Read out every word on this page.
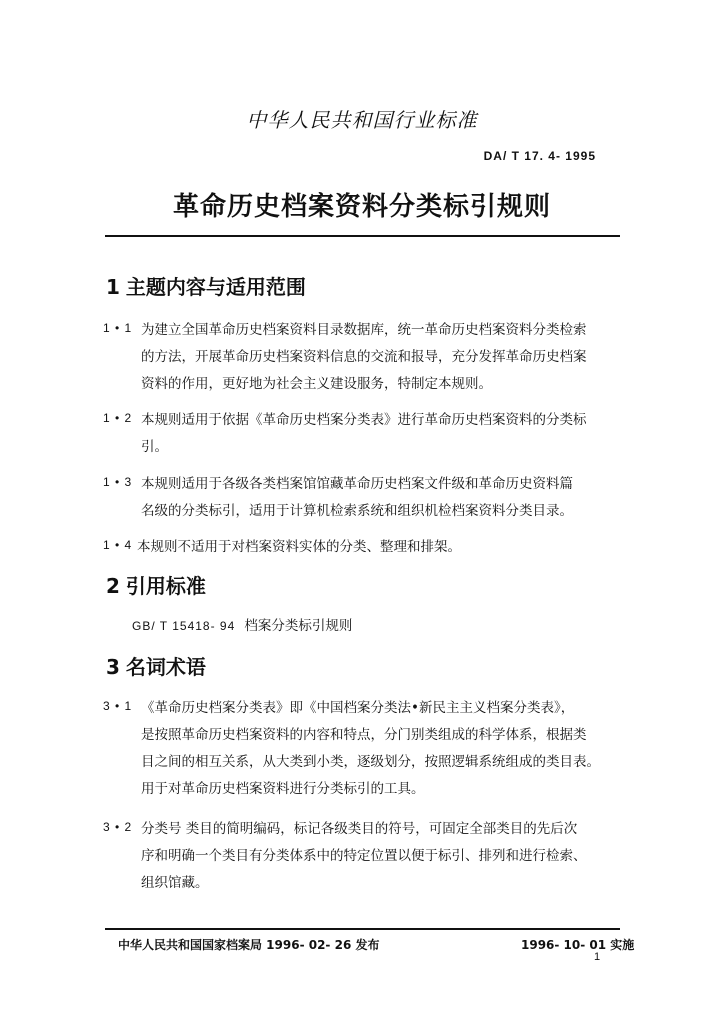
中华人民共和国行业标准
DA/ T 17. 4- 1995
革命历史档案资料分类标引规则
1 主题内容与适用范围
1 • 1 为建立全国革命历史档案资料目录数据库，统一革命历史档案资料分类检索
的方法，开展革命历史档案资料信息的交流和报导，充分发挥革命历史档案
资料的作用，更好地为社会主义建设服务，特制定本规则。
1 • 2 本规则适用于依据《革命历史档案分类表》进行革命历史档案资料的分类标
引。
1 • 3 本规则适用于各级各类档案馆馆藏革命历史档案文件级和革命历史资料篇
名级的分类标引，适用于计算机检索系统和组织机检档案资料分类目录。
1 • 4 本规则不适用于对档案资料实体的分类、整理和排架。
2 引用标准
GB/ T 15418- 94 档案分类标引规则
3 名词术语
3 • 1 《革命历史档案分类表》即《中国档案分类法•新民主主义档案分类表》，
是按照革命历史档案资料的内容和特点，分门别类组成的科学体系，根据类
目之间的相互关系，从大类到小类，逐级划分，按照逻辑系统组成的类目表。
用于对革命历史档案资料进行分类标引的工具。
3 • 2 分类号 类目的简明编码，标记各级类目的符号，可固定全部类目的先后次
序和明确一个类目有分类体系中的特定位置以便于标引、排列和进行检索、
组织馆藏。
中华人民共和国国家档案局 1996- 02- 26 发布	1996- 10- 01 实施
1
